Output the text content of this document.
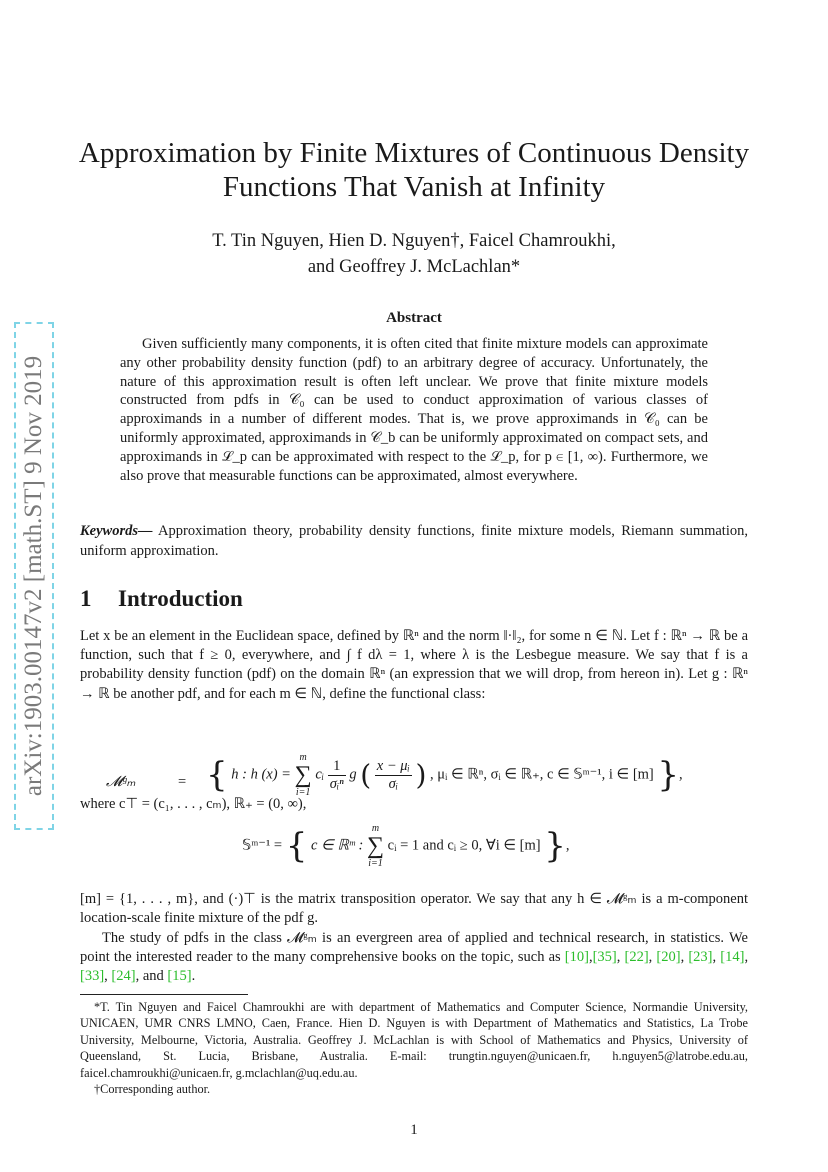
arXiv:1903.00147v2 [math.ST] 9 Nov 2019
Approximation by Finite Mixtures of Continuous Density
Functions That Vanish at Infinity
T. Tin Nguyen, Hien D. Nguyen†, Faicel Chamroukhi,
and Geoffrey J. McLachlan*
Abstract
Given sufficiently many components, it is often cited that finite mixture models can approximate any other probability density function (pdf) to an arbitrary degree of accuracy. Unfortunately, the nature of this approximation result is often left unclear. We prove that finite mixture models constructed from pdfs in 𝒞₀ can be used to conduct approximation of various classes of approximands in a number of different modes. That is, we prove approximands in 𝒞₀ can be uniformly approximated, approximands in 𝒞_b can be uniformly approximated on compact sets, and approximands in ℒ_p can be approximated with respect to the ℒ_p, for p ∈ [1, ∞). Furthermore, we also prove that measurable functions can be approximated, almost everywhere.
Keywords— Approximation theory, probability density functions, finite mixture models, Riemann summation, uniform approximation.
1 Introduction
Let x be an element in the Euclidean space, defined by ℝⁿ and the norm ‖·‖₂, for some n ∈ ℕ. Let f : ℝⁿ → ℝ be a function, such that f ≥ 0, everywhere, and ∫ f dλ = 1, where λ is the Lesbegue measure. We say that f is a probability density function (pdf) on the domain ℝⁿ (an expression that we will drop, from hereon in). Let g : ℝⁿ → ℝ be another pdf, and for each m ∈ ℕ, define the functional class:
𝓜ᵍₘ	= { h : h (x) = m
∑
i=1 cᵢ $\frac{1}{\text{σᵢⁿ}}$ g ( $\frac{\text{x − μᵢ}}{\text{σᵢ}}$ ) , μᵢ ∈ ℝⁿ, σᵢ ∈ ℝ₊, c ∈ 𝕊ᵐ⁻¹, i ∈ [m] },
where c⊤ = (c₁, . . . , cₘ), ℝ₊ = (0, ∞),
𝕊ᵐ⁻¹ = { c ∈ ℝᵐ : m
∑
i=1 cᵢ = 1 and cᵢ ≥ 0, ∀i ∈ [m] },
[m] = {1, . . . , m}, and (·)⊤ is the matrix transposition operator. We say that any h ∈ 𝓜ᵍₘ is a m-component location-scale finite mixture of the pdf g.
The study of pdfs in the class 𝓜ᵍₘ is an evergreen area of applied and technical research, in statistics. We point the interested reader to the many comprehensive books on the topic, such as [10],[35], [22], [20], [23], [14], [33], [24], and [15].
*T. Tin Nguyen and Faicel Chamroukhi are with department of Mathematics and Computer Science, Normandie University, UNICAEN, UMR CNRS LMNO, Caen, France. Hien D. Nguyen is with Department of Mathematics and Statistics, La Trobe University, Melbourne, Victoria, Australia. Geoffrey J. McLachlan is with School of Mathematics and Physics, University of Queensland, St. Lucia, Brisbane, Australia. E-mail: trungtin.nguyen@unicaen.fr, h.nguyen5@latrobe.edu.au, faicel.chamroukhi@unicaen.fr, g.mclachlan@uq.edu.au.
†Corresponding author.
1
